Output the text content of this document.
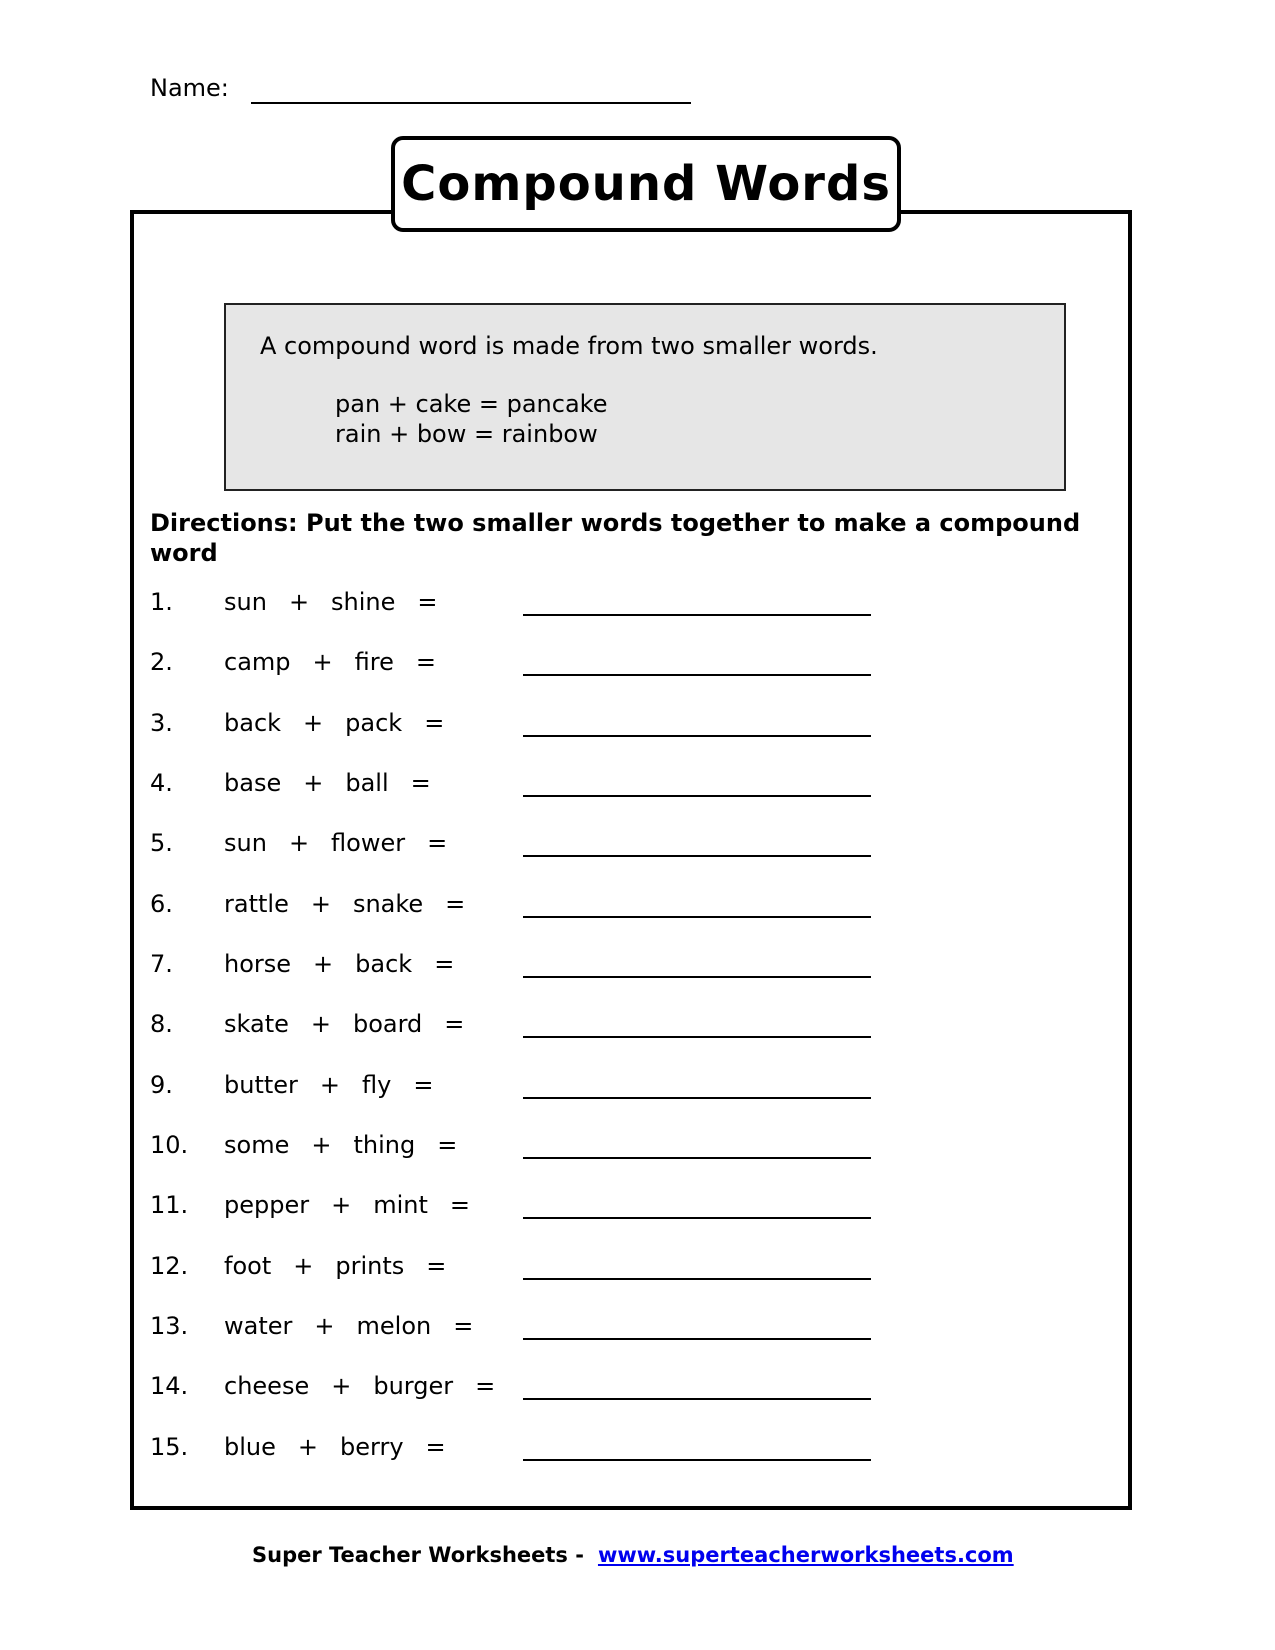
Name:
Compound Words
A compound word is made from two smaller words.
pan + cake = pancake
rain + bow = rainbow
Directions: Put the two smaller words together to make a compound word
1. sun + shine =
2. camp + fire =
3. back + pack =
4. base + ball =
5. sun + flower =
6. rattle + snake =
7. horse + back =
8. skate + board =
9. butter + fly =
10. some + thing =
11. pepper + mint =
12. foot + prints =
13. water + melon =
14. cheese + burger =
15. blue + berry =
Super Teacher Worksheets - www.superteacherworksheets.com
